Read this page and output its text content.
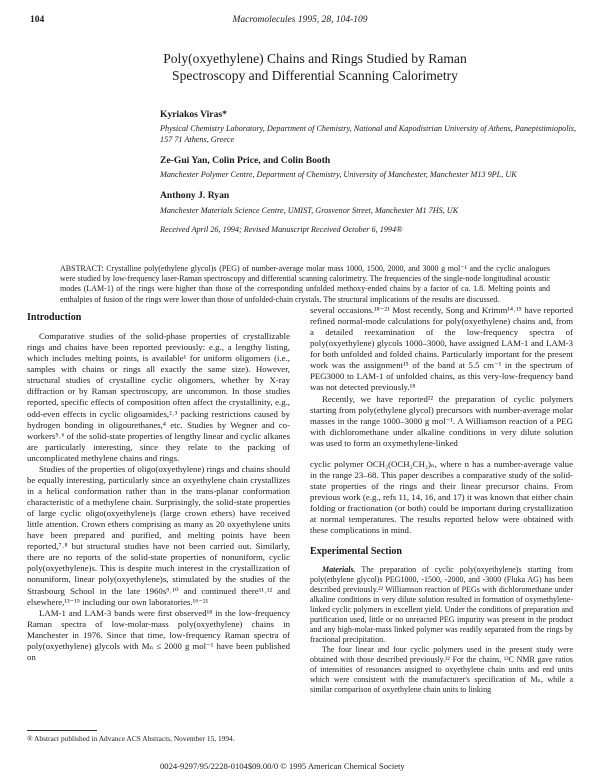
104	Macromolecules 1995, 28, 104-109
Poly(oxyethylene) Chains and Rings Studied by Raman
Spectroscopy and Differential Scanning Calorimetry
Kyriakos Viras*
Physical Chemistry Laboratory, Department of Chemistry, National and Kapodistrian University of Athens, Panepistimiopolis, 157 71 Athens, Greece
Ze-Gui Yan, Colin Price, and Colin Booth
Manchester Polymer Centre, Department of Chemistry, University of Manchester, Manchester M13 9PL, UK
Anthony J. Ryan
Manchester Materials Science Centre, UMIST, Grosvenor Street, Manchester M1 7HS, UK
Received April 26, 1994; Revised Manuscript Received October 6, 1994®
ABSTRACT: Crystalline poly(ethylene glycol)s (PEG) of number-average molar mass 1000, 1500, 2000, and 3000 g mol⁻¹ and the cyclic analogues were studied by low-frequency laser-Raman spectroscopy and differential scanning calorimetry. The frequencies of the single-node longitudinal acoustic modes (LAM-1) of the rings were higher than those of the corresponding unfolded methoxy-ended chains by a factor of ca. 1.8. Melting points and enthalpies of fusion of the rings were lower than those of unfolded-chain crystals. The structural implications of the results are discussed.
Introduction

Comparative studies of the solid-phase properties of crystallizable rings and chains have been reported previously: e.g., a lengthy listing, which includes melting points, is available¹ for uniform oligomers (i.e., samples with chains or rings all exactly the same size). However, structural studies of crystalline cyclic oligomers, whether by X-ray diffraction or by Raman spectroscopy, are uncommon. In those studies reported, specific effects of composition often affect the crystallinity, e.g., odd-even effects in cyclic oligoamides,²˒³ packing restrictions caused by hydrogen bonding in oligourethanes,⁴ etc. Studies by Wegner and co-workers⁵˒⁶ of the solid-state properties of lengthy linear and cyclic alkanes are particularly interesting, since they relate to the packing of uncomplicated methylene chains and rings.

Studies of the properties of oligo(oxyethylene) rings and chains should be equally interesting, particularly since an oxyethylene chain crystallizes in a helical conformation rather than in the trans-planar conformation characteristic of a methylene chain. Surprisingly, the solid-state properties of large cyclic oligo(oxyethylene)s (large crown ethers) have received little attention. Crown ethers comprising as many as 20 oxyethylene units have been prepared and purified, and melting points have been reported,⁷˒⁸ but structural studies have not been carried out. Similarly, there are no reports of the solid-state properties of nonuniform, cyclic poly(oxyethylene)s. This is despite much interest in the crystallization of nonuniform, linear poly(oxyethylene)s, stimulated by the studies of the Strasbourg School in the late 1960s⁹˒¹⁰ and continued there¹¹˒¹² and elsewhere,¹³⁻¹⁵ including our own laboratories.¹⁶⁻²¹

LAM-1 and LAM-3 bands were first observed¹⁸ in the low-frequency Raman spectra of low-molar-mass poly(oxyethylene) chains in Manchester in 1976. Since that time, low-frequency Raman spectra of poly(oxyethylene) glycols with Mₙ ≤ 2000 g mol⁻¹ have been published on

several occasions.¹⁸⁻²¹ Most recently, Song and Krimm¹⁴˒¹⁵ have reported refined normal-mode calculations for poly(oxyethylene) chains and, from a detailed reexamination of the low-frequency spectra of poly(oxyethylene) glycols 1000–3000, have assigned LAM-1 and LAM-3 for both unfolded and folded chains. Particularly important for the present work was the assignment¹⁵ of the band at 5.5 cm⁻¹ in the spectrum of PEG3000 to LAM-1 of unfolded chains, as this very-low-frequency band was not detected previously.¹⁸

Recently, we have reported²² the preparation of cyclic polymers starting from poly(ethylene glycol) precursors with number-average molar masses in the range 1000–3000 g mol⁻¹. A Williamson reaction of a PEG with dichloromethane under alkaline conditions in very dilute solution was used to form an oxymethylene-linked

cyclic polymer OCH₂(OCH₂CH₂)ₙ, where n has a number-average value in the range 23–68. This paper describes a comparative study of the solid-state properties of the rings and their linear precursor chains. From previous work (e.g., refs 11, 14, 16, and 17) it was known that either chain folding or fractionation (or both) could be important during crystallization at normal temperatures. The results reported below were obtained with these complications in mind.

Experimental Section

Materials. The preparation of cyclic poly(oxyethylene)s starting from poly(ethylene glycol)s PEG1000, -1500, -2000, and -3000 (Fluka AG) has been described previously.²² Williamson reaction of PEGs with dichloromethane under alkaline conditions in very dilute solution resulted in formation of oxymethylene-linked cyclic polymers in excellent yield. Under the conditions of preparation and purification used, little or no unreacted PEG impurity was present in the product and any high-molar-mass linked polymer was readily separated from the rings by fractional precipitation.

The four linear and four cyclic polymers used in the present study were obtained with those described previously.²² For the chains, ¹³C NMR gave ratios of intensities of resonances assigned to oxyethylene chain units and end units which were consistent with the manufacturer's specification of Mₙ, while a similar comparison of oxyethylene chain units to linking

® Abstract published in Advance ACS Abstracts, November 15, 1994.
0024-9297/95/2228-0104$09.00/0 © 1995 American Chemical Society
